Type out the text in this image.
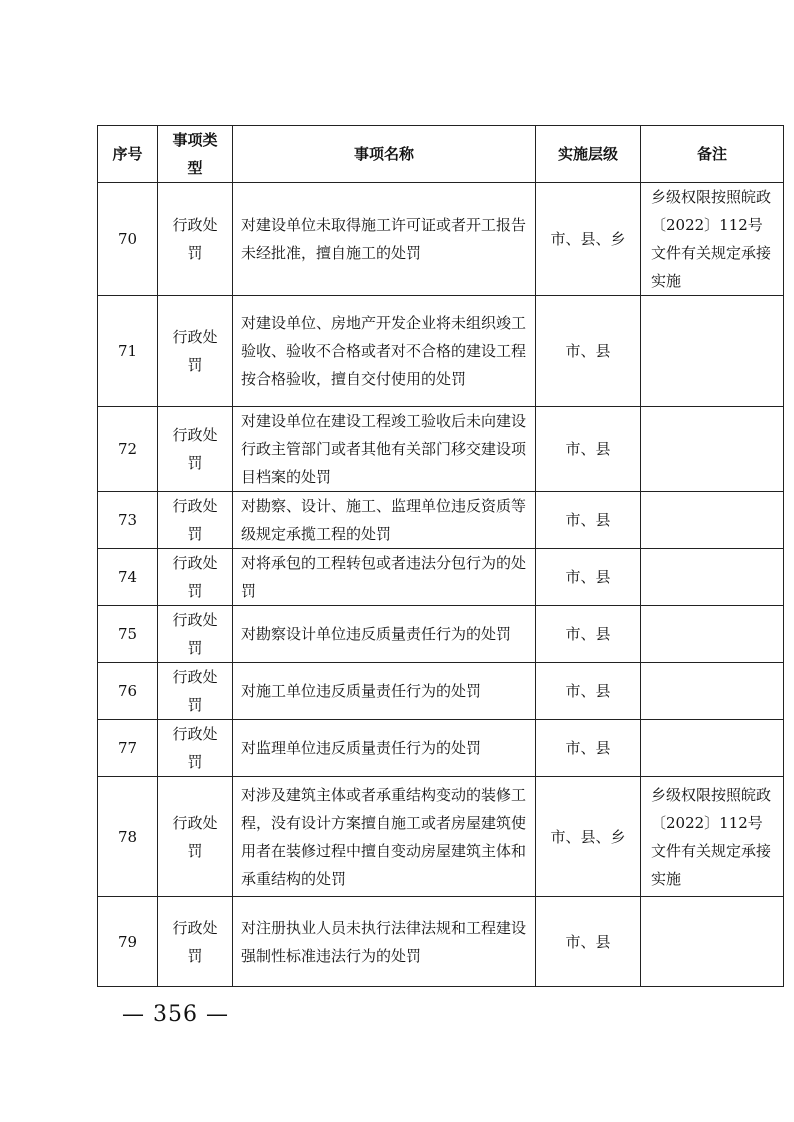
序号	事项类型	事项名称	实施层级	备注
70	行政处罚	对建设单位未取得施工许可证或者开工报告未经批准，擅自施工的处罚	市、县、乡	乡级权限按照皖政〔2022〕112号文件有关规定承接实施
71	行政处罚	对建设单位、房地产开发企业将未组织竣工验收、验收不合格或者对不合格的建设工程按合格验收，擅自交付使用的处罚	市、县	
72	行政处罚	对建设单位在建设工程竣工验收后未向建设行政主管部门或者其他有关部门移交建设项目档案的处罚	市、县	
73	行政处罚	对勘察、设计、施工、监理单位违反资质等级规定承揽工程的处罚	市、县	
74	行政处罚	对将承包的工程转包或者违法分包行为的处罚	市、县	
75	行政处罚	对勘察设计单位违反质量责任行为的处罚	市、县	
76	行政处罚	对施工单位违反质量责任行为的处罚	市、县	
77	行政处罚	对监理单位违反质量责任行为的处罚	市、县	
78	行政处罚	对涉及建筑主体或者承重结构变动的装修工程，没有设计方案擅自施工或者房屋建筑使用者在装修过程中擅自变动房屋建筑主体和承重结构的处罚	市、县、乡	乡级权限按照皖政〔2022〕112号文件有关规定承接实施
79	行政处罚	对注册执业人员未执行法律法规和工程建设强制性标准违法行为的处罚	市、县	
— 356 —
